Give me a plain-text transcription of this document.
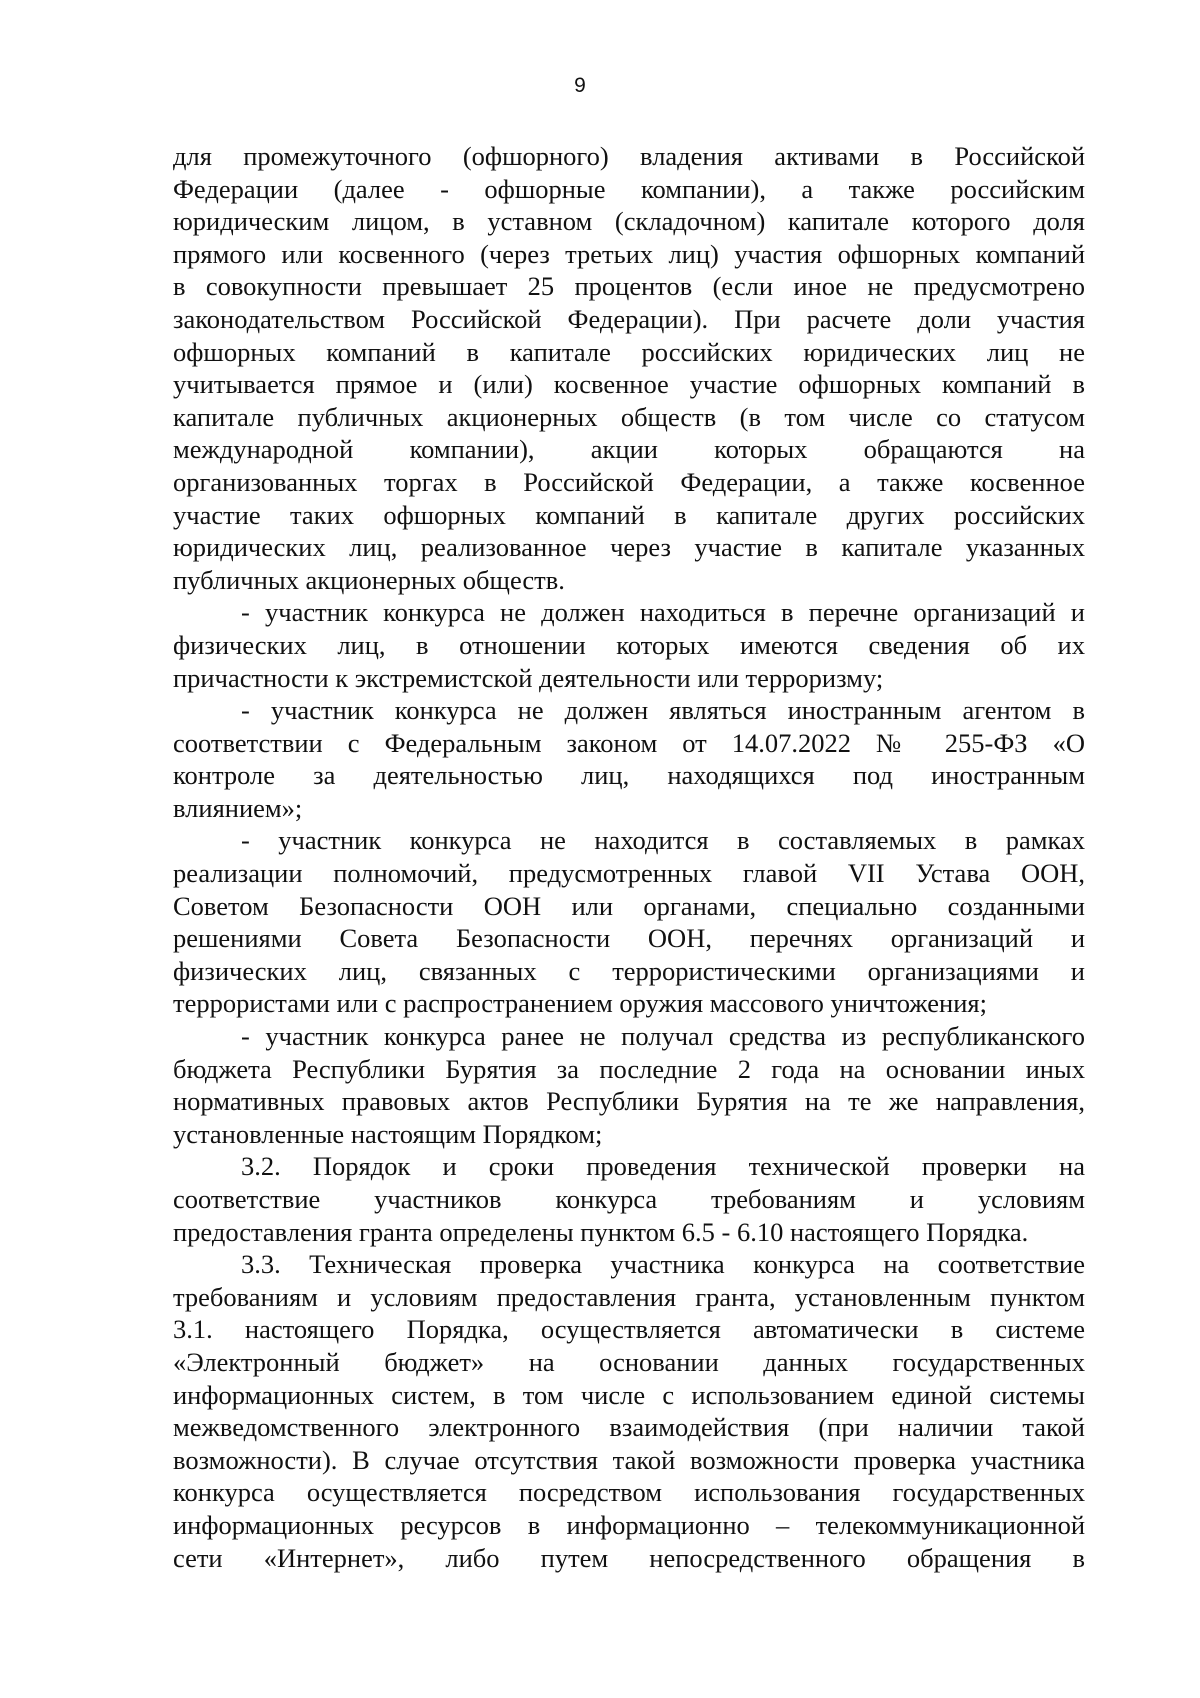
9
для промежуточного (офшорного) владения активами в Российской
Федерации (далее - офшорные компании), а также российским
юридическим лицом, в уставном (складочном) капитале которого доля
прямого или косвенного (через третьих лиц) участия офшорных компаний
в совокупности превышает 25 процентов (если иное не предусмотрено
законодательством Российской Федерации). При расчете доли участия
офшорных компаний в капитале российских юридических лиц не
учитывается прямое и (или) косвенное участие офшорных компаний в
капитале публичных акционерных обществ (в том числе со статусом
международной компании), акции которых обращаются на
организованных торгах в Российской Федерации, а также косвенное
участие таких офшорных компаний в капитале других российских
юридических лиц, реализованное через участие в капитале указанных
публичных акционерных обществ.
- участник конкурса не должен находиться в перечне организаций и
физических лиц, в отношении которых имеются сведения об их
причастности к экстремистской деятельности или терроризму;
- участник конкурса не должен являться иностранным агентом в
соответствии с Федеральным законом от 14.07.2022 № 255-ФЗ «О
контроле за деятельностью лиц, находящихся под иностранным
влиянием»;
- участник конкурса не находится в составляемых в рамках
реализации полномочий, предусмотренных главой VII Устава ООН,
Советом Безопасности ООН или органами, специально созданными
решениями Совета Безопасности ООН, перечнях организаций и
физических лиц, связанных с террористическими организациями и
террористами или с распространением оружия массового уничтожения;
- участник конкурса ранее не получал средства из республиканского
бюджета Республики Бурятия за последние 2 года на основании иных
нормативных правовых актов Республики Бурятия на те же направления,
установленные настоящим Порядком;
3.2. Порядок и сроки проведения технической проверки на
соответствие участников конкурса требованиям и условиям
предоставления гранта определены пунктом 6.5 - 6.10 настоящего Порядка.
3.3. Техническая проверка участника конкурса на соответствие
требованиям и условиям предоставления гранта, установленным пунктом
3.1. настоящего Порядка, осуществляется автоматически в системе
«Электронный бюджет» на основании данных государственных
информационных систем, в том числе с использованием единой системы
межведомственного электронного взаимодействия (при наличии такой
возможности). В случае отсутствия такой возможности проверка участника
конкурса осуществляется посредством использования государственных
информационных ресурсов в информационно – телекоммуникационной
сети «Интернет», либо путем непосредственного обращения в
